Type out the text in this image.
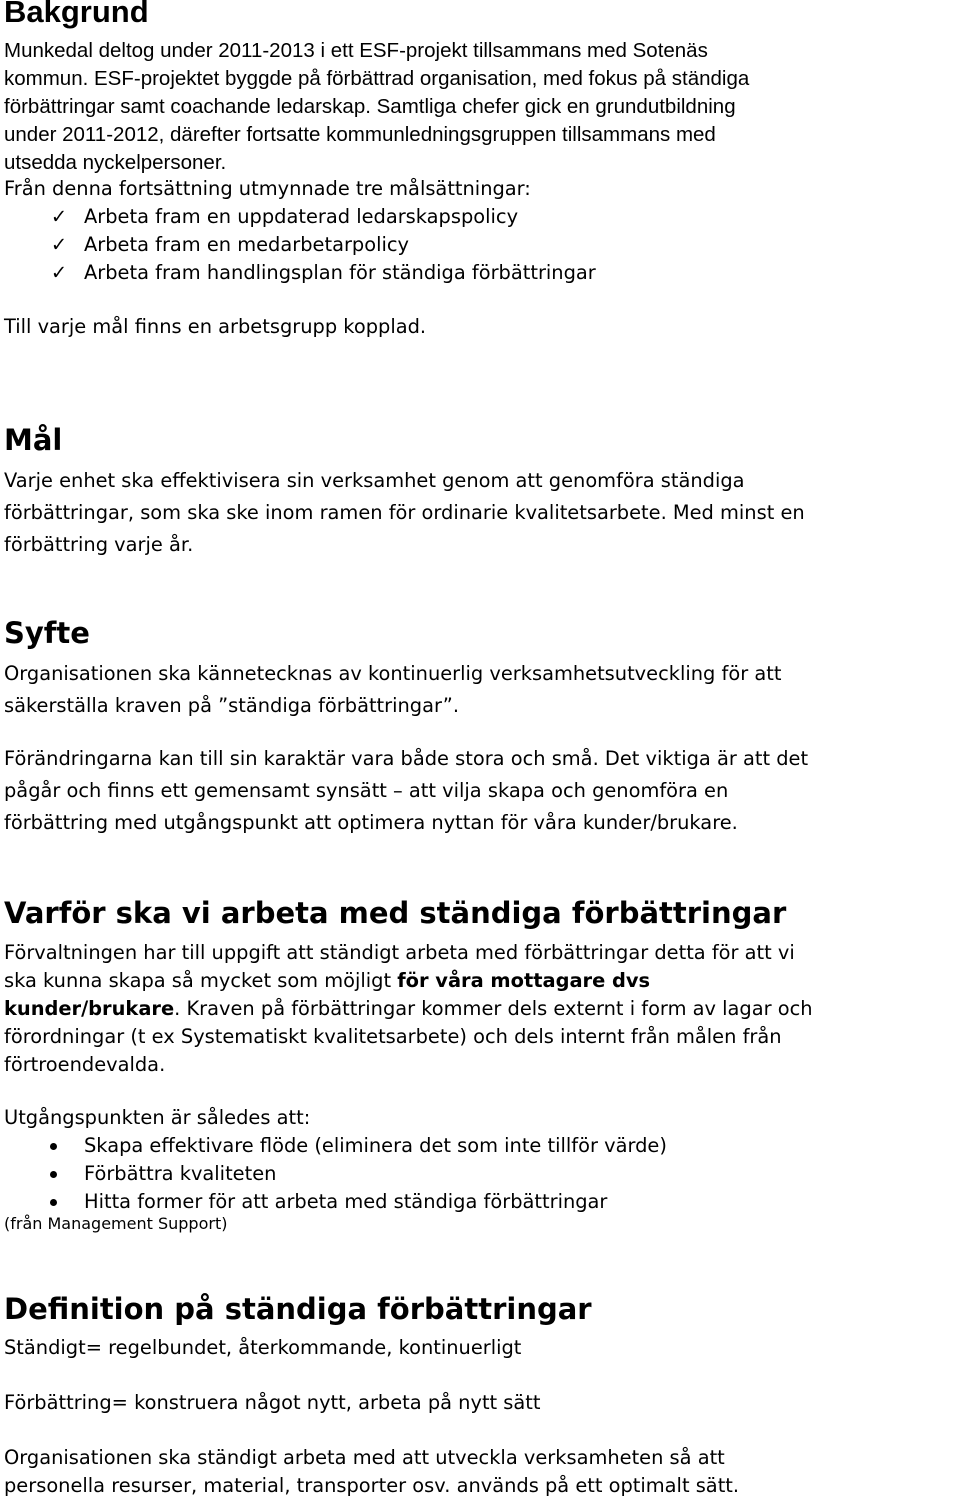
Bakgrund

Munkedal deltog under 2011-2013 i ett ESF-projekt tillsammans med Sotenäs

kommun. ESF-projektet byggde på förbättrad organisation, med fokus på ständiga

förbättringar samt coachande ledarskap. Samtliga chefer gick en grundutbildning

under 2011-2012, därefter fortsatte kommunledningsgruppen tillsammans med

utsedda nyckelpersoner.

Från denna fortsättning utmynnade tre målsättningar:

✓ Arbeta fram en uppdaterad ledarskapspolicy
✓ Arbeta fram en medarbetarpolicy
✓ Arbeta fram handlingsplan för ständiga förbättringar

Till varje mål finns en arbetsgrupp kopplad.

Mål

Varje enhet ska effektivisera sin verksamhet genom att genomföra ständiga

förbättringar, som ska ske inom ramen för ordinarie kvalitetsarbete. Med minst en

förbättring varje år.

Syfte

Organisationen ska kännetecknas av kontinuerlig verksamhetsutveckling för att

säkerställa kraven på ”ständiga förbättringar”.

Förändringarna kan till sin karaktär vara både stora och små. Det viktiga är att det

pågår och finns ett gemensamt synsätt – att vilja skapa och genomföra en

förbättring med utgångspunkt att optimera nyttan för våra kunder/brukare.

Varför ska vi arbeta med ständiga förbättringar

Förvaltningen har till uppgift att ständigt arbeta med förbättringar detta för att vi

ska kunna skapa så mycket som möjligt för våra mottagare dvs

kunder/brukare. Kraven på förbättringar kommer dels externt i form av lagar och

förordningar (t ex Systematiskt kvalitetsarbete) och dels internt från målen från

förtroendevalda.

Utgångspunkten är således att:

Skapa effektivare flöde (eliminera det som inte tillför värde)
Förbättra kvaliteten
Hitta former för att arbeta med ständiga förbättringar

(från Management Support)

Definition på ständiga förbättringar

Ständigt= regelbundet, återkommande, kontinuerligt

Förbättring= konstruera något nytt, arbeta på nytt sätt

Organisationen ska ständigt arbeta med att utveckla verksamheten så att

personella resurser, material, transporter osv. används på ett optimalt sätt.
